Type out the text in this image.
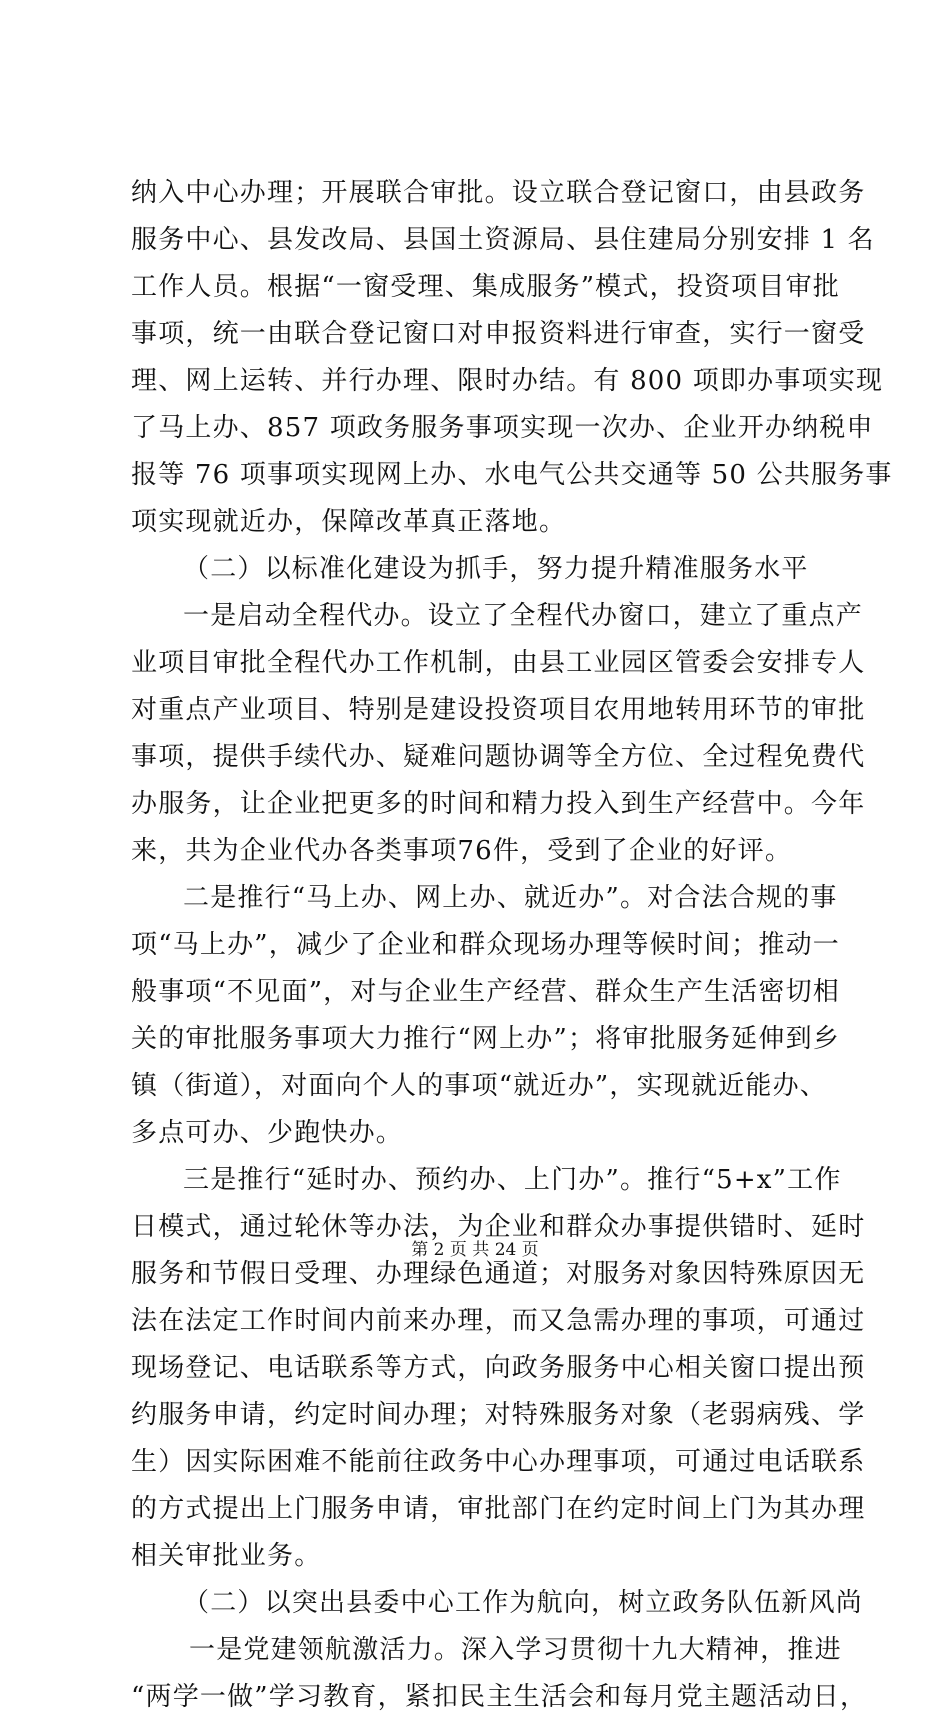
纳入中心办理；开展联合审批。设立联合登记窗口，由县政务
服务中心、县发改局、县国土资源局、县住建局分别安排 1 名
工作人员。根据“一窗受理、集成服务”模式，投资项目审批
事项，统一由联合登记窗口对申报资料进行审查，实行一窗受
理、网上运转、并行办理、限时办结。有 800 项即办事项实现
了马上办、857 项政务服务事项实现一次办、企业开办纳税申
报等 76 项事项实现网上办、水电气公共交通等 50 公共服务事
项实现就近办，保障改革真正落地。
（二）以标准化建设为抓手，努力提升精准服务水平
一是启动全程代办。设立了全程代办窗口，建立了重点产
业项目审批全程代办工作机制，由县工业园区管委会安排专人
对重点产业项目、特别是建设投资项目农用地转用环节的审批
事项，提供手续代办、疑难问题协调等全方位、全过程免费代
办服务，让企业把更多的时间和精力投入到生产经营中。今年
来，共为企业代办各类事项76件，受到了企业的好评。
二是推行“马上办、网上办、就近办”。对合法合规的事
项“马上办”，减少了企业和群众现场办理等候时间；推动一
般事项“不见面”，对与企业生产经营、群众生产生活密切相
关的审批服务事项大力推行“网上办”；将审批服务延伸到乡
镇（街道），对面向个人的事项“就近办”，实现就近能办、
多点可办、少跑快办。
三是推行“延时办、预约办、上门办”。推行“5+x”工作
日模式，通过轮休等办法，为企业和群众办事提供错时、延时
服务和节假日受理、办理绿色通道；对服务对象因特殊原因无
法在法定工作时间内前来办理，而又急需办理的事项，可通过
现场登记、电话联系等方式，向政务服务中心相关窗口提出预
约服务申请，约定时间办理；对特殊服务对象（老弱病残、学
生）因实际困难不能前往政务中心办理事项，可通过电话联系
的方式提出上门服务申请，审批部门在约定时间上门为其办理
相关审批业务。
（二）以突出县委中心工作为航向，树立政务队伍新风尚
一是党建领航激活力。深入学习贯彻十九大精神，推进
“两学一做”学习教育，紧扣民主生活会和每月党主题活动日，
第 2 页 共 24 页
